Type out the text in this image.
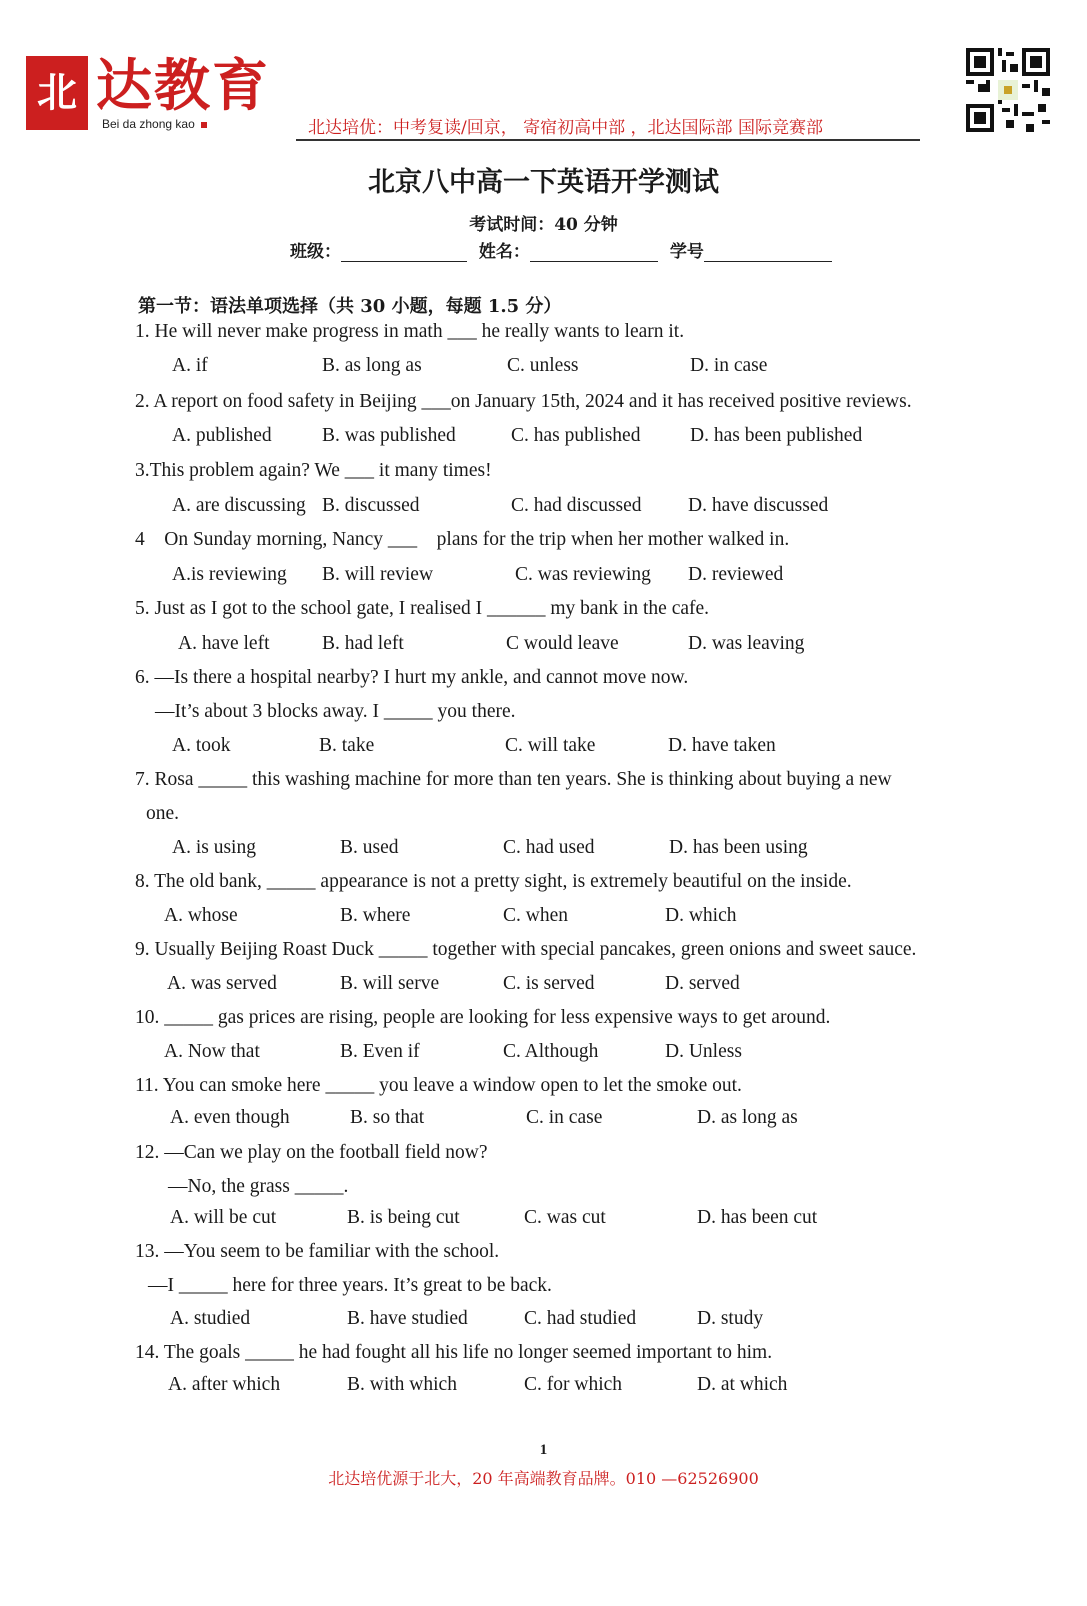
北 达教育
Bei da zhong kao	北达培优：中考复读/回京， 寄宿初高中部 ，北达国际部 国际竞赛部
北京八中高一下英语开学测试
考试时间：40 分钟
班级：	姓名：	学号
第一节：语法单项选择（共 30 小题，每题 1.5 分）
1. He will never make progress in math ___ he really wants to learn it.
A. if	B. as long as	C. unless	D. in case
2. A report on food safety in Beijing ___on January 15th, 2024 and it has received positive reviews.
A. published	B. was published	C. has published	D. has been published
3.This problem again? We ___ it many times!
A. are discussing B. discussed	C. had discussed D. have discussed
4    On Sunday morning, Nancy ___    plans for the trip when her mother walked in.
A.is reviewing B. will review	C. was reviewing D. reviewed
5. Just as I got to the school gate, I realised I ______ my bank in the cafe.
A. have left	B. had left	C would leave	D. was leaving
6. —Is there a hospital nearby? I hurt my ankle, and cannot move now.
—It’s about 3 blocks away. I _____ you there.
A. took	B. take	C. will take	D. have taken
7. Rosa _____ this washing machine for more than ten years. She is thinking about buying a new
one.
A. is using	B. used	C. had used	D. has been using
8. The old bank, _____ appearance is not a pretty sight, is extremely beautiful on the inside.
A. whose	B. where	C. when	D. which
9. Usually Beijing Roast Duck _____ together with special pancakes, green onions and sweet sauce.
A. was served	B. will serve	C. is served	D. served
10. _____ gas prices are rising, people are looking for less expensive ways to get around.
A. Now that	B. Even if	C. Although	D. Unless
11. You can smoke here _____ you leave a window open to let the smoke out.
A. even though	B. so that	C. in case	D. as long as
12. —Can we play on the football field now?
—No, the grass _____.
A. will be cut	B. is being cut	C. was cut	D. has been cut
13. —You seem to be familiar with the school.
—I _____ here for three years. It’s great to be back.
A. studied	B. have studied	C. had studied	D. study
14. The goals _____ he had fought all his life no longer seemed important to him.
A. after which	B. with which	C. for which	D. at which
1
北达培优源于北大，20 年高端教育品牌。010 —62526900
